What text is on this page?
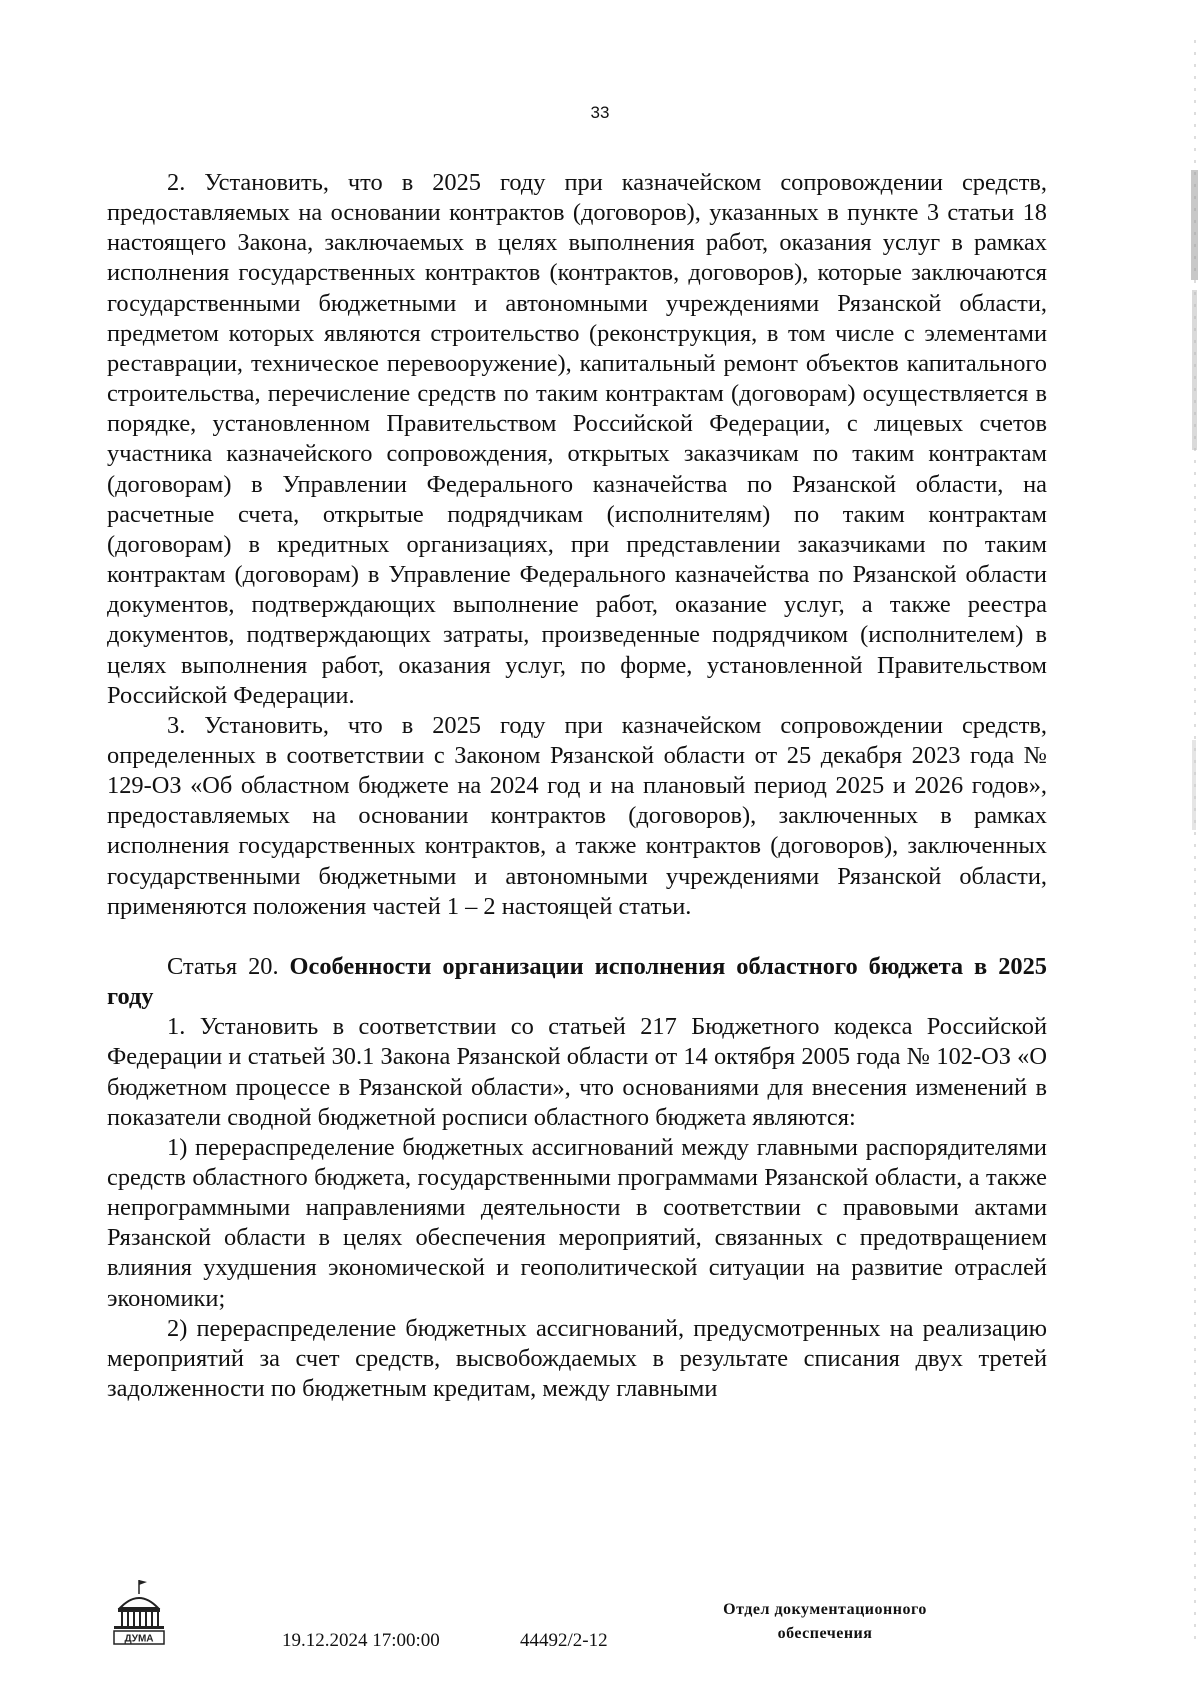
33

2. Установить, что в 2025 году при казначейском сопровождении средств, предоставляемых на основании контрактов (договоров), указанных в пункте 3 статьи 18 настоящего Закона, заключаемых в целях выполнения работ, оказания услуг в рамках исполнения государственных контрактов (контрактов, договоров), которые заключаются государственными бюджетными и автономными учреждениями Рязанской области, предметом которых являются строительство (реконструкция, в том числе с элементами реставрации, техническое перевооружение), капитальный ремонт объектов капитального строительства, перечисление средств по таким контрактам (договорам) осуществляется в порядке, установленном Правительством Российской Федерации, с лицевых счетов участника казначейского сопровождения, открытых заказчикам по таким контрактам (договорам) в Управлении Федерального казначейства по Рязанской области, на расчетные счета, открытые подрядчикам (исполнителям) по таким контрактам (договорам) в кредитных организациях, при представлении заказчиками по таким контрактам (договорам) в Управление Федерального казначейства по Рязанской области документов, подтверждающих выполнение работ, оказание услуг, а также реестра документов, подтверждающих затраты, произведенные подрядчиком (исполнителем) в целях выполнения работ, оказания услуг, по форме, установленной Правительством Российской Федерации.

3. Установить, что в 2025 году при казначейском сопровождении средств, определенных в соответствии с Законом Рязанской области от 25 декабря 2023 года № 129-ОЗ «Об областном бюджете на 2024 год и на плановый период 2025 и 2026 годов», предоставляемых на основании контрактов (договоров), заключенных в рамках исполнения государственных контрактов, а также контрактов (договоров), заключенных государственными бюджетными и автономными учреждениями Рязанской области, применяются положения частей 1 – 2 настоящей статьи.

Статья 20. Особенности организации исполнения областного бюджета в 2025 году

1. Установить в соответствии со статьей 217 Бюджетного кодекса Российской Федерации и статьей 30.1 Закона Рязанской области от 14 октября 2005 года № 102-ОЗ «О бюджетном процессе в Рязанской области», что основаниями для внесения изменений в показатели сводной бюджетной росписи областного бюджета являются:

1) перераспределение бюджетных ассигнований между главными распорядителями средств областного бюджета, государственными программами Рязанской области, а также непрограммными направлениями деятельности в соответствии с правовыми актами Рязанской области в целях обеспечения мероприятий, связанных с предотвращением влияния ухудшения экономической и геополитической ситуации на развитие отраслей экономики;

2) перераспределение бюджетных ассигнований, предусмотренных на реализацию мероприятий за счет средств, высвобождаемых в результате списания двух третей задолженности по бюджетным кредитам, между главными

ДУМА	19.12.2024 17:00:00	44492/2-12
Отдел документационного
обеспечения
